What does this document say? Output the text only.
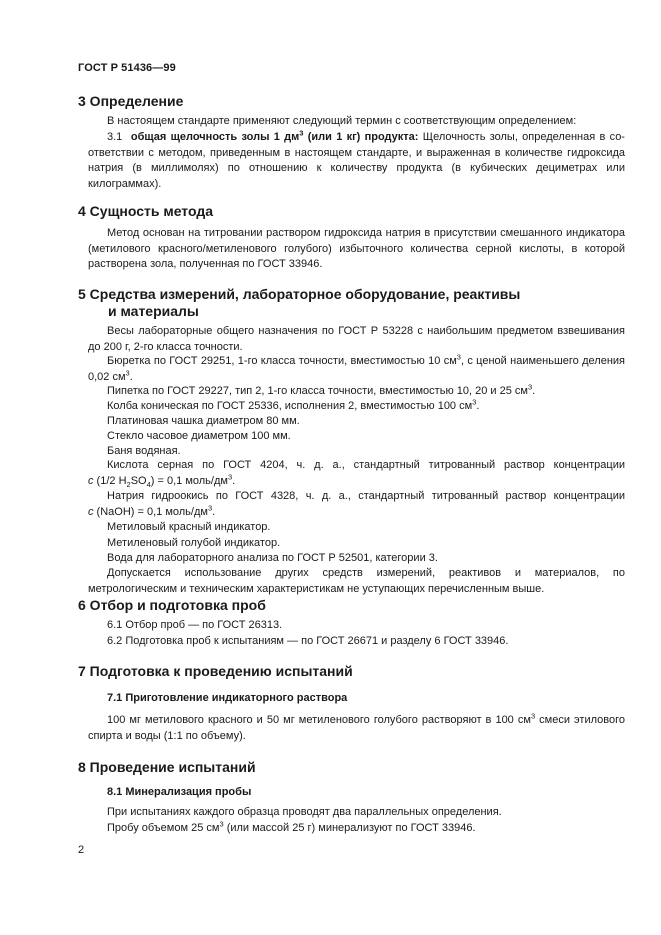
ГОСТ Р 51436—99
3 Определение
В настоящем стандарте применяют следующий термин с соответствующим определением:
3.1 общая щелочность золы 1 $дм^3$ (или 1 кг) продукта: Щелочность золы, определенная в со-
ответствии с методом, приведенным в настоящем стандарте, и выраженная в количестве гидроксида натрия (в миллимолях) по отношению к количеству продукта (в кубических дециметрах или килограммах).
4 Сущность метода
Метод основан на титровании раствором гидроксида натрия в присутствии смешанного индикатора (метилового красного/метиленового голубого) избыточного количества серной кислоты, в которой растворена зола, полученная по ГОСТ 33946.
5 Средства измерений, лабораторное оборудование, реактивы
и материалы
Весы лабораторные общего назначения по ГОСТ Р 53228 с наибольшим предметом взвешивания до 200 г, 2-го класса точности.
Бюретка по ГОСТ 29251, 1-го класса точности, вместимостью 10 $см^3$, с ценой наименьшего деления 0,02 $см^3$.
Пипетка по ГОСТ 29227, тип 2, 1-го класса точности, вместимостью 10, 20 и 25 $см^3$.
Колба коническая по ГОСТ 25336, исполнения 2, вместимостью 100 $см^3$.
Платиновая чашка диаметром 80 мм.
Стекло часовое диаметром 100 мм.
Баня водяная.
Кислота серная по ГОСТ 4204, ч. д. а., стандартный титрованный раствор концентрации
c (1/2 $H_2SO_4) = 0,1$ моль/$дм^3$.
Натрия гидроокись по ГОСТ 4328, ч. д. а., стандартный титрованный раствор концентрации
c (NaOH) = 0,1 моль/$дм^3$.
Метиловый красный индикатор.
Метиленовый голубой индикатор.
Вода для лабораторного анализа по ГОСТ Р 52501, категории 3.
Допускается использование других средств измерений, реактивов и материалов, по метрологическим и техническим характеристикам не уступающих перечисленным выше.
6 Отбор и подготовка проб
6.1 Отбор проб — по ГОСТ 26313.
6.2 Подготовка проб к испытаниям — по ГОСТ 26671 и разделу 6 ГОСТ 33946.
7 Подготовка к проведению испытаний
7.1 Приготовление индикаторного раствора
100 мг метилового красного и 50 мг метиленового голубого растворяют в 100 $см^3$ смеси этилового спирта и воды (1:1 по объему).
8 Проведение испытаний
8.1 Минерализация пробы
При испытаниях каждого образца проводят два параллельных определения.
Пробу объемом 25 $см^3$ (или массой 25 г) минерализуют по ГОСТ 33946.
2
